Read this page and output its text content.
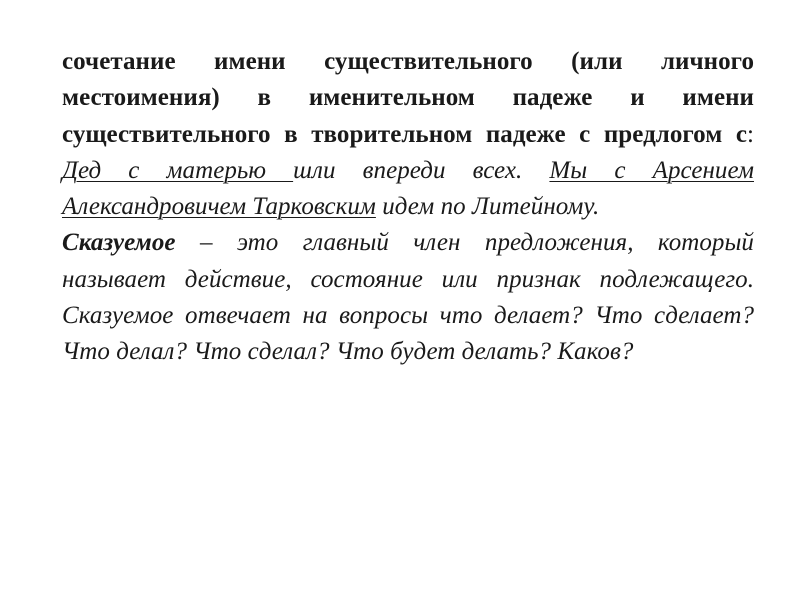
сочетание имени существительного (или личного местоимения) в именительном падеже и имени существительного в творительном падеже с предлогом с: Дед с матерью шли впереди всех. Мы с Арсением Александровичем Тарковским идем по Литейному.

Сказуемое – это главный член предложения, который называет действие, состояние или признак подлежащего. Сказуемое отвечает на вопросы что делает? Что сделает? Что делал? Что сделал? Что будет делать? Каков?
